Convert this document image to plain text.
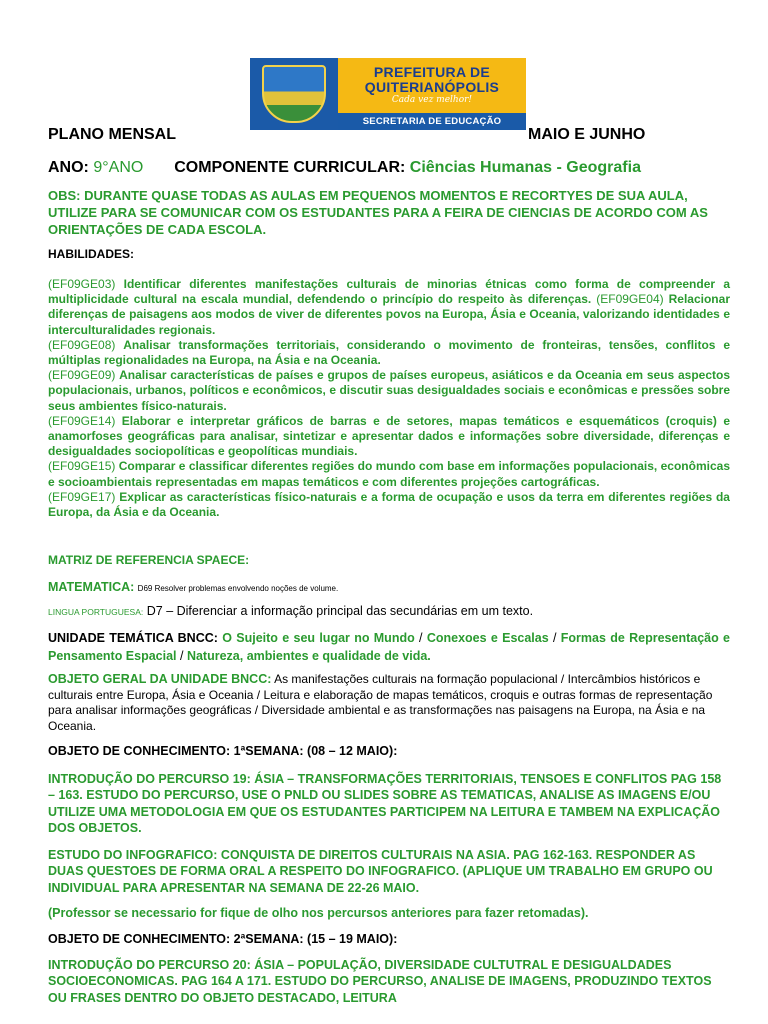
PREFEITURA DE
QUITERIANÓPOLIS
Cada vez melhor!
SECRETARIA DE EDUCAÇÃO
PLANO MENSAL	MAIO E JUNHO
ANO: 9°ANO COMPONENTE CURRICULAR: Ciências Humanas - Geografia
OBS: DURANTE QUASE TODAS AS AULAS EM PEQUENOS MOMENTOS E RECORTYES DE SUA AULA, UTILIZE PARA SE COMUNICAR COM OS ESTUDANTES PARA A FEIRA DE CIENCIAS DE ACORDO COM AS ORIENTAÇÕES DE CADA ESCOLA.
HABILIDADES:
(EF09GE03) Identificar diferentes manifestações culturais de minorias étnicas como forma de compreender a multiplicidade cultural na escala mundial, defendendo o princípio do respeito às diferenças. (EF09GE04) Relacionar diferenças de paisagens aos modos de viver de diferentes povos na Europa, Ásia e Oceania, valorizando identidades e interculturalidades regionais.
(EF09GE08) Analisar transformações territoriais, considerando o movimento de fronteiras, tensões, conflitos e múltiplas regionalidades na Europa, na Ásia e na Oceania.
(EF09GE09) Analisar características de países e grupos de países europeus, asiáticos e da Oceania em seus aspectos populacionais, urbanos, políticos e econômicos, e discutir suas desigualdades sociais e econômicas e pressões sobre seus ambientes físico-naturais.
(EF09GE14) Elaborar e interpretar gráficos de barras e de setores, mapas temáticos e esquemáticos (croquis) e anamorfoses geográficas para analisar, sintetizar e apresentar dados e informações sobre diversidade, diferenças e desigualdades sociopolíticas e geopolíticas mundiais.
(EF09GE15) Comparar e classificar diferentes regiões do mundo com base em informações populacionais, econômicas e socioambientais representadas em mapas temáticos e com diferentes projeções cartográficas.
(EF09GE17) Explicar as características físico-naturais e a forma de ocupação e usos da terra em diferentes regiões da Europa, da Ásia e da Oceania.
MATRIZ DE REFERENCIA SPAECE:
MATEMATICA: D69 Resolver problemas envolvendo noções de volume.
LINGUA PORTUGUESA: D7 – Diferenciar a informação principal das secundárias em um texto.
UNIDADE TEMÁTICA BNCC: O Sujeito e seu lugar no Mundo / Conexoes e Escalas / Formas de Representação e Pensamento Espacial / Natureza, ambientes e qualidade de vida.
OBJETO GERAL DA UNIDADE BNCC: As manifestações culturais na formação populacional / Intercâmbios históricos e culturais entre Europa, Ásia e Oceania / Leitura e elaboração de mapas temáticos, croquis e outras formas de representação para analisar informações geográficas / Diversidade ambiental e as transformações nas paisagens na Europa, na Ásia e na Oceania.
OBJETO DE CONHECIMENTO: 1ªSEMANA: (08 – 12 MAIO):
INTRODUÇÃO DO PERCURSO 19: ÁSIA – TRANSFORMAÇÕES TERRITORIAIS, TENSOES E CONFLITOS PAG 158 – 163. ESTUDO DO PERCURSO, USE O PNLD OU SLIDES SOBRE AS TEMATICAS, ANALISE AS IMAGENS E/OU UTILIZE UMA METODOLOGIA EM QUE OS ESTUDANTES PARTICIPEM NA LEITURA E TAMBEM NA EXPLICAÇÃO DOS OBJETOS.
ESTUDO DO INFOGRAFICO: CONQUISTA DE DIREITOS CULTURAIS NA ASIA. PAG 162-163. RESPONDER AS DUAS QUESTOES DE FORMA ORAL A RESPEITO DO INFOGRAFICO. (APLIQUE UM TRABALHO EM GRUPO OU INDIVIDUAL PARA APRESENTAR NA SEMANA DE 22-26 MAIO.
(Professor se necessario for fique de olho nos percursos anteriores para fazer retomadas).
OBJETO DE CONHECIMENTO: 2ªSEMANA: (15 – 19 MAIO):
INTRODUÇÃO DO PERCURSO 20: ÁSIA – POPULAÇÃO, DIVERSIDADE CULTUTRAL E DESIGUALDADES SOCIOECONOMICAS. PAG 164 A 171. ESTUDO DO PERCURSO, ANALISE DE IMAGENS, PRODUZINDO TEXTOS OU FRASES DENTRO DO OBJETO DESTACADO, LEITURA
